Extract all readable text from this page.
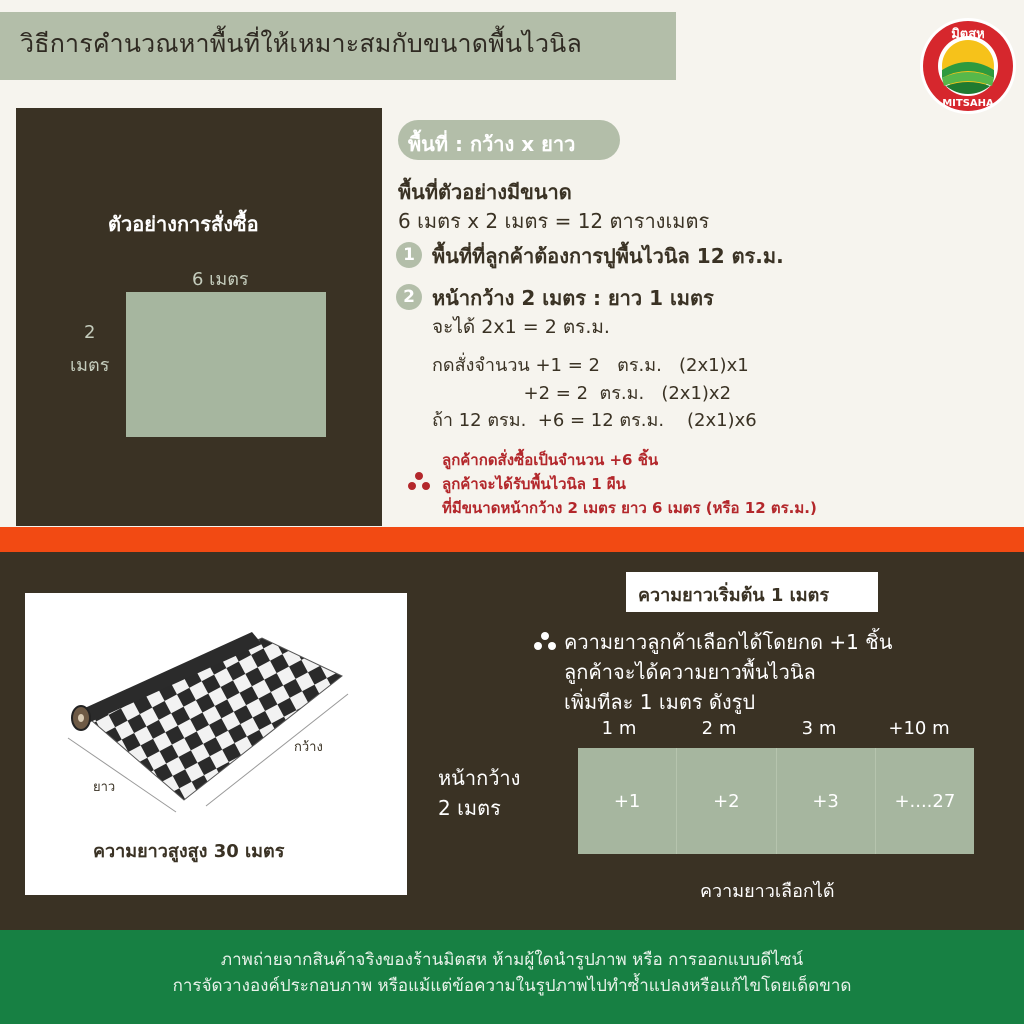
วิธีการคำนวณหาพื้นที่ให้เหมาะสมกับขนาดพื้นไวนิล	มิตสห
MITSAHA
ตัวอย่างการสั่งซื้อ
6 เมตร
2
เมตร
พื้นที่ : กว้าง x ยาว
พื้นที่ตัวอย่างมีขนาด
6 เมตร x 2 เมตร = 12 ตารางเมตร
1 พื้นที่ที่ลูกค้าต้องการปูพื้นไวนิล 12 ตร.ม.
2 หน้ากว้าง 2 เมตร : ยาว 1 เมตร
จะได้ 2x1 = 2 ตร.ม.
กดสั่งจำนวน +1 = 2   ตร.ม.   (2x1)x1
+2 = 2  ตร.ม.   (2x1)x2
ถ้า 12 ตรม.  +6 = 12 ตร.ม.    (2x1)x6
ลูกค้ากดสั่งซื้อเป็นจำนวน +6 ชิ้น
ลูกค้าจะได้รับพื้นไวนิล 1 ผืน
ที่มีขนาดหน้ากว้าง 2 เมตร ยาว 6 เมตร (หรือ 12 ตร.ม.)
กว้าง
ยาว
ความยาวสูงสูง 30 เมตร
ความยาวเริ่มต้น 1 เมตร
ความยาวลูกค้าเลือกได้โดยกด +1 ชิ้น
ลูกค้าจะได้ความยาวพื้นไวนิล
เพิ่มทีละ 1 เมตร ดังรูป
หน้ากว้าง
2 เมตร
1 m	2 m	3 m	+10 m
+1	+2	+3	+....27
ความยาวเลือกได้
ภาพถ่ายจากสินค้าจริงของร้านมิตสห ห้ามผู้ใดนำรูปภาพ หรือ การออกแบบดีไซน์
การจัดวางองค์ประกอบภาพ หรือแม้แต่ข้อความในรูปภาพไปทำซ้ำแปลงหรือแก้ไขโดยเด็ดขาด
